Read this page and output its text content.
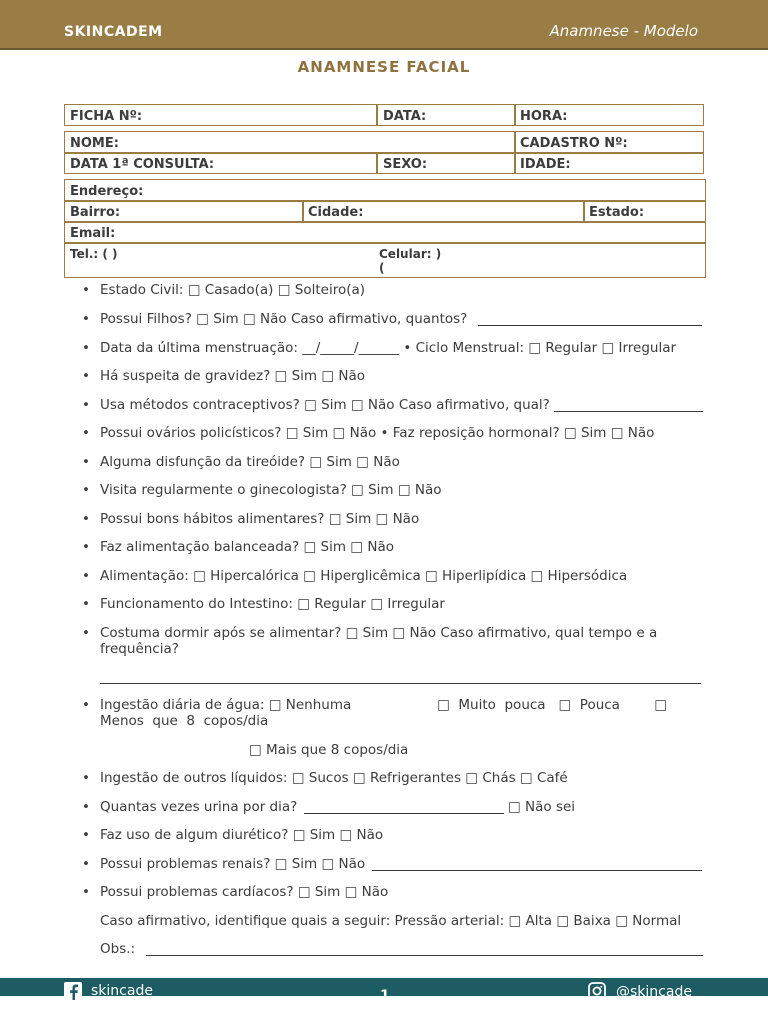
SKINCADEM	Anamnese - Modelo
ANAMNESE FACIAL
FICHA Nº:	DATA:	HORA:
NOME:	CADASTRO Nº:
DATA 1ª CONSULTA:	SEXO:	IDADE:
Endereço:
Bairro:	Cidade:	Estado:
Email:
Tel.: ( )	Celular: )
(
• Estado Civil: □ Casado(a) □ Solteiro(a)
• Possui Filhos? □ Sim □ Não Caso afirmativo, quantos?
• Data da última menstruação: __/_____/______ • Ciclo Menstrual: □ Regular □ Irregular
• Há suspeita de gravidez? □ Sim □ Não
• Usa métodos contraceptivos? □ Sim □ Não Caso afirmativo, qual?
• Possui ovários policísticos? □ Sim □ Não • Faz reposição hormonal? □ Sim □ Não
• Alguma disfunção da tireóide? □ Sim □ Não
• Visita regularmente o ginecologista? □ Sim □ Não
• Possui bons hábitos alimentares? □ Sim □ Não
• Faz alimentação balanceada? □ Sim □ Não
• Alimentação: □ Hipercalórica □ Hiperglicêmica □ Hiperlipídica □ Hipersódica
• Funcionamento do Intestino: □ Regular □ Irregular
• Costuma dormir após se alimentar? □ Sim □ Não Caso afirmativo, qual tempo e a frequência?
• Ingestão diária de água: □ Nenhuma                    □  Muito  pouca   □  Pouca        □ Menos  que  8  copos/dia
□ Mais que 8 copos/dia
• Ingestão de outros líquidos: □ Sucos □ Refrigerantes □ Chás □ Café
• Quantas vezes urina por dia?	□ Não sei
• Faz uso de algum diurético? □ Sim □ Não
• Possui problemas renais? □ Sim □ Não
• Possui problemas cardíacos? □ Sim □ Não
Caso afirmativo, identifique quais a seguir: Pressão arterial: □ Alta □ Baixa □ Normal
Obs.:
skincade	1	@skincade
